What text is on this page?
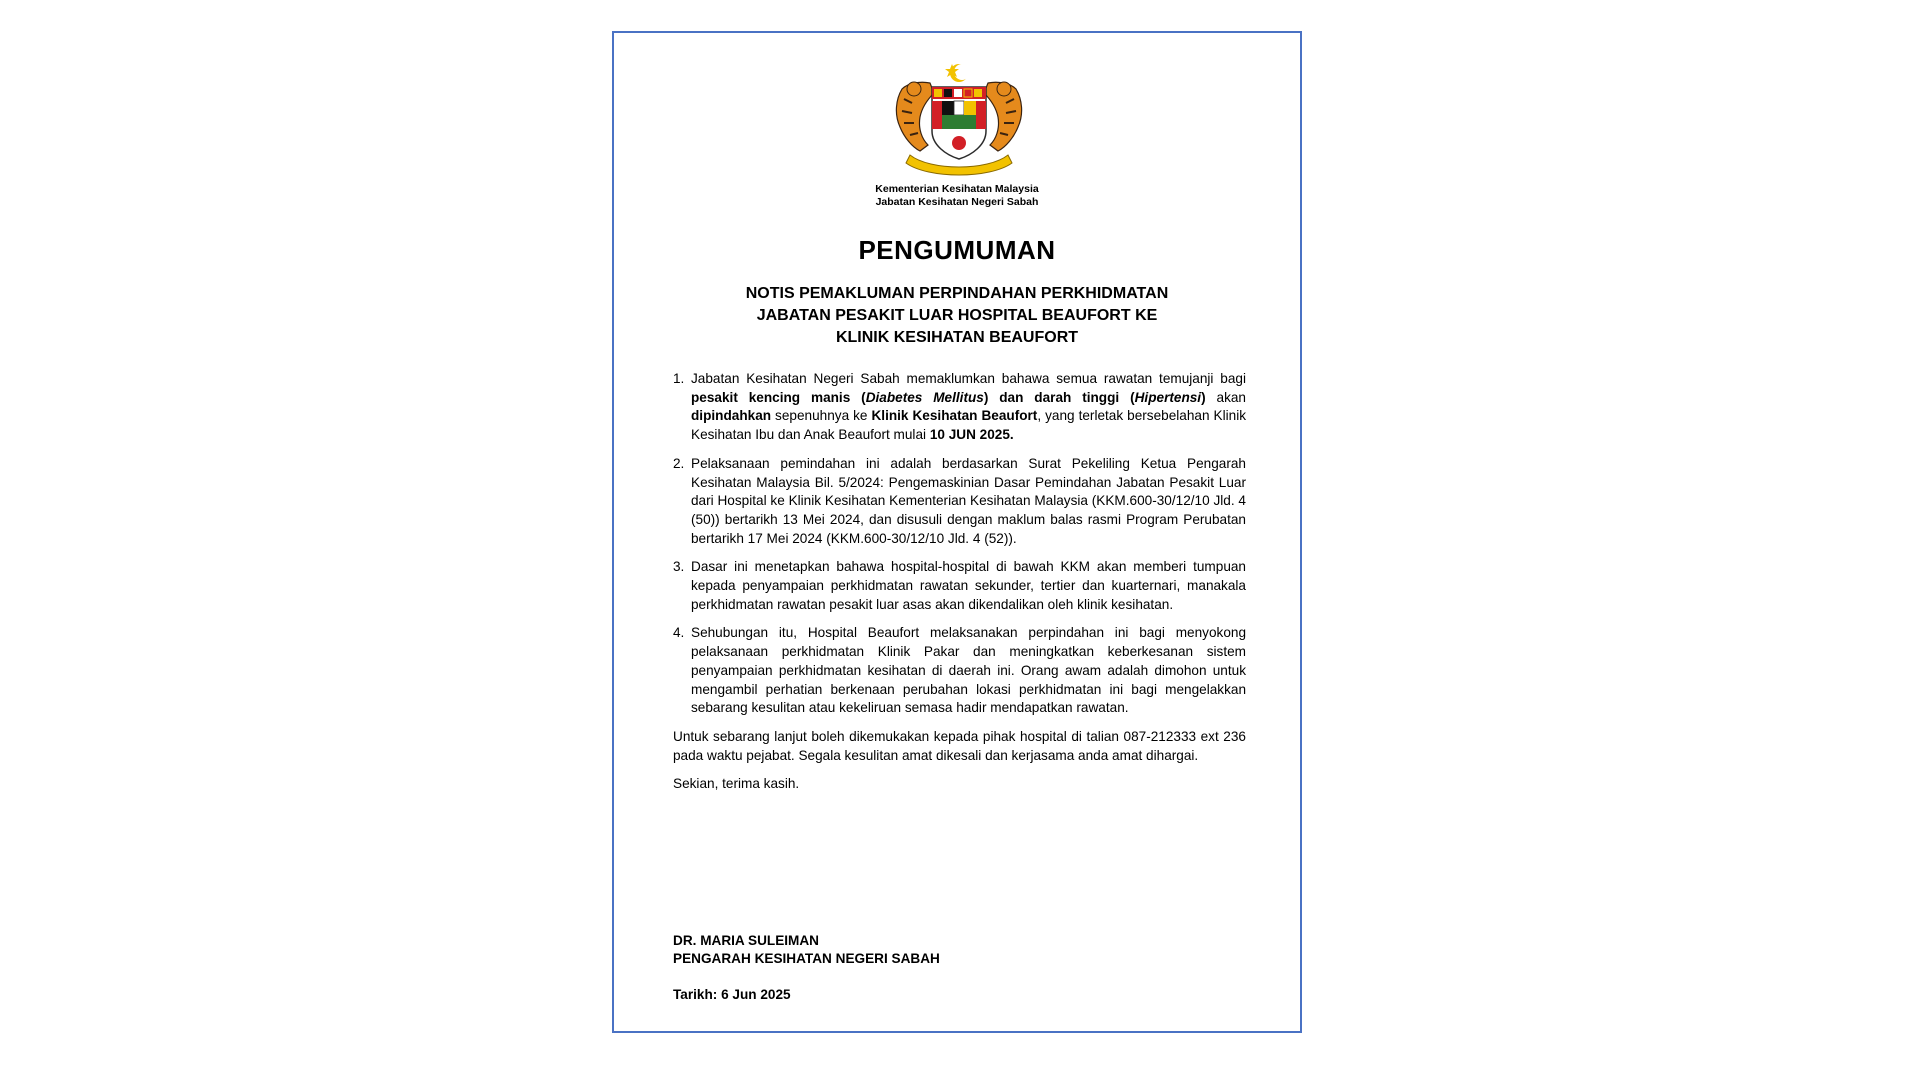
Kementerian Kesihatan Malaysia
Jabatan Kesihatan Negeri Sabah
PENGUMUMAN
NOTIS PEMAKLUMAN PERPINDAHAN PERKHIDMATAN
JABATAN PESAKIT LUAR HOSPITAL BEAUFORT KE
KLINIK KESIHATAN BEAUFORT
1. Jabatan Kesihatan Negeri Sabah memaklumkan bahawa semua rawatan temujanji bagi pesakit kencing manis (Diabetes Mellitus) dan darah tinggi (Hipertensi) akan dipindahkan sepenuhnya ke Klinik Kesihatan Beaufort, yang terletak bersebelahan Klinik Kesihatan Ibu dan Anak Beaufort mulai 10 JUN 2025.
2. Pelaksanaan pemindahan ini adalah berdasarkan Surat Pekeliling Ketua Pengarah Kesihatan Malaysia Bil. 5/2024: Pengemaskinian Dasar Pemindahan Jabatan Pesakit Luar dari Hospital ke Klinik Kesihatan Kementerian Kesihatan Malaysia (KKM.600-30/12/10 Jld. 4 (50)) bertarikh 13 Mei 2024, dan disusuli dengan maklum balas rasmi Program Perubatan bertarikh 17 Mei 2024 (KKM.600-30/12/10 Jld. 4 (52)).
3. Dasar ini menetapkan bahawa hospital-hospital di bawah KKM akan memberi tumpuan kepada penyampaian perkhidmatan rawatan sekunder, tertier dan kuarternari, manakala perkhidmatan rawatan pesakit luar asas akan dikendalikan oleh klinik kesihatan.
4. Sehubungan itu, Hospital Beaufort melaksanakan perpindahan ini bagi menyokong pelaksanaan perkhidmatan Klinik Pakar dan meningkatkan keberkesanan sistem penyampaian perkhidmatan kesihatan di daerah ini. Orang awam adalah dimohon untuk mengambil perhatian berkenaan perubahan lokasi perkhidmatan ini bagi mengelakkan sebarang kesulitan atau kekeliruan semasa hadir mendapatkan rawatan.

Untuk sebarang lanjut boleh dikemukakan kepada pihak hospital di talian 087-212333 ext 236 pada waktu pejabat. Segala kesulitan amat dikesali dan kerjasama anda amat dihargai.

Sekian, terima kasih.

DR. MARIA SULEIMAN
PENGARAH KESIHATAN NEGERI SABAH
Tarikh: 6 Jun 2025
